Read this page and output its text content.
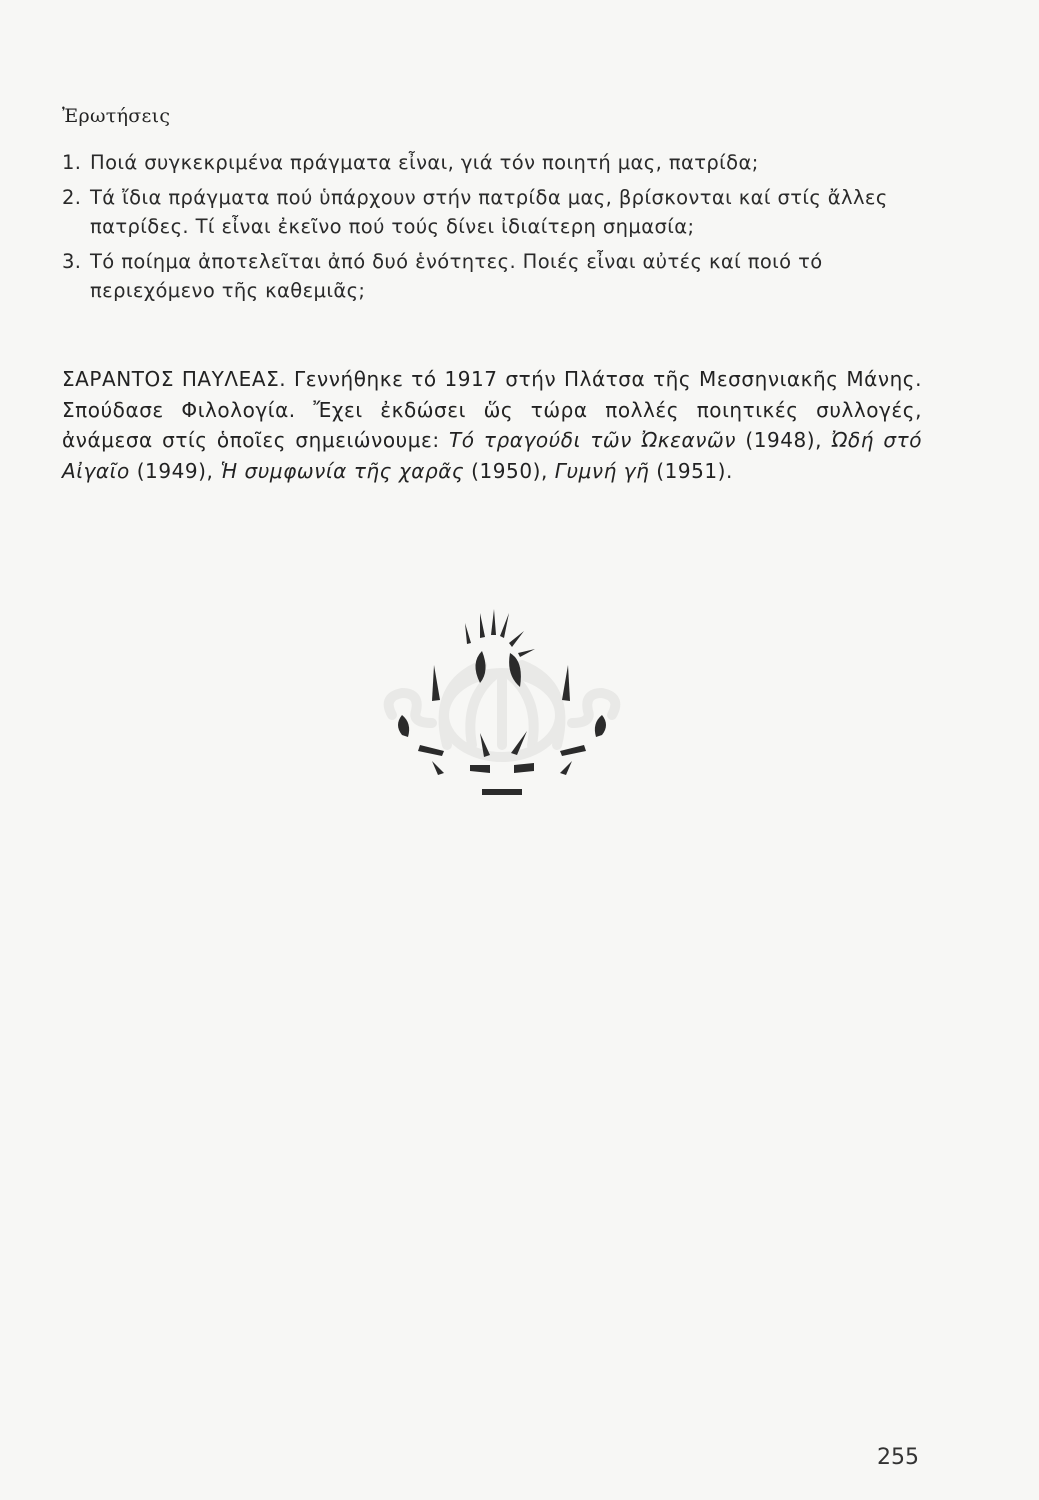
Ἐρωτήσεις
1. Ποιά συγκεκριμένα πράγματα εἶναι, γιά τόν ποιητή μας, πατρίδα;
2. Τά ἴδια πράγματα πού ὑπάρχουν στήν πατρίδα μας, βρίσκονται καί στίς ἄλλες πατρίδες. Τί εἶναι ἐκεῖνο πού τούς δίνει ἰδιαίτερη σημασία;
3. Τό ποίημα ἀποτελεῖται ἀπό δυό ἑνότητες. Ποιές εἶναι αὐτές καί ποιό τό περιεχόμενο τῆς καθεμιᾶς;
ΣΑΡΑΝΤΟΣ ΠΑΥΛΕΑΣ. Γεννήθηκε τό 1917 στήν Πλάτσα τῆς Μεσσηνιακῆς Μάνης. Σπούδασε Φιλολογία. Ἔχει ἐκδώσει ὥς τώρα πολλές ποιητικές συλλογές, ἀνάμεσα στίς ὁποῖες σημειώνουμε: Τό τραγούδι τῶν Ὠκεανῶν (1948), Ὠδή στό Αἰγαῖο (1949), Ἡ συμφωνία τῆς χαρᾶς (1950), Γυμνή γῆ (1951).
255
